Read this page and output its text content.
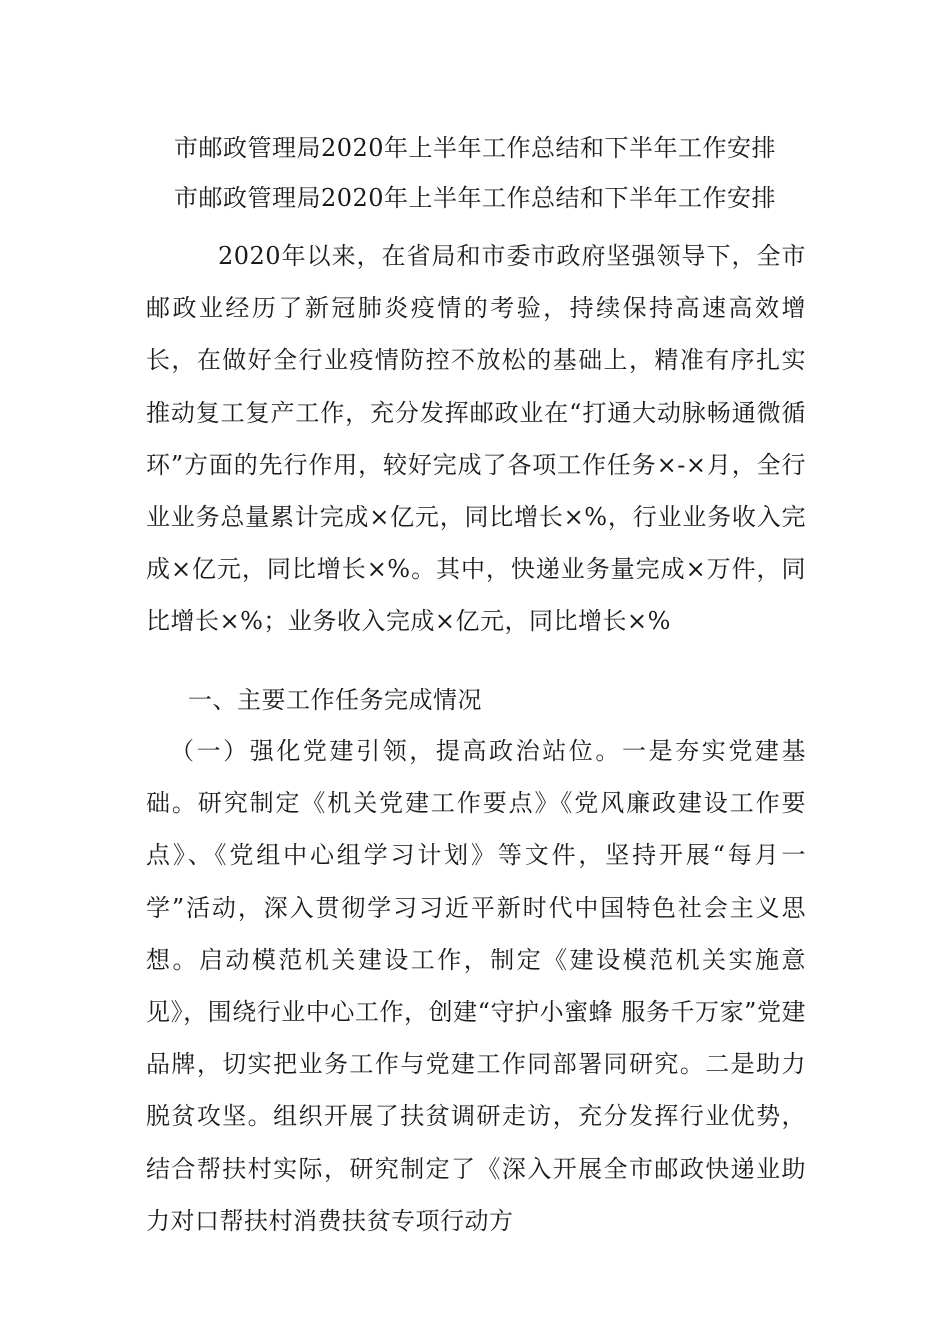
市邮政管理局2020年上半年工作总结和下半年工作安排
市邮政管理局2020年上半年工作总结和下半年工作安排

2020年以来，在省局和市委市政府坚强领导下，全市邮政业经历了新冠肺炎疫情的考验，持续保持高速高效增长，在做好全行业疫情防控不放松的基础上，精准有序扎实推动复工复产工作，充分发挥邮政业在“打通大动脉畅通微循环”方面的先行作用，较好完成了各项工作任务×-×月，全行业业务总量累计完成×亿元，同比增长×%，行业业务收入完成×亿元，同比增长×%。其中，快递业务量完成×万件，同比增长×%；业务收入完成×亿元，同比增长×%

一、主要工作任务完成情况

（一）强化党建引领，提高政治站位。一是夯实党建基础。研究制定《机关党建工作要点》《党风廉政建设工作要点》、《党组中心组学习计划》等文件，坚持开展“每月一学”活动，深入贯彻学习习近平新时代中国特色社会主义思想。启动模范机关建设工作，制定《建设模范机关实施意见》，围绕行业中心工作，创建“守护小蜜蜂 服务千万家”党建品牌，切实把业务工作与党建工作同部署同研究。二是助力脱贫攻坚。组织开展了扶贫调研走访，充分发挥行业优势，结合帮扶村实际，研究制定了《深入开展全市邮政快递业助力对口帮扶村消费扶贫专项行动方
